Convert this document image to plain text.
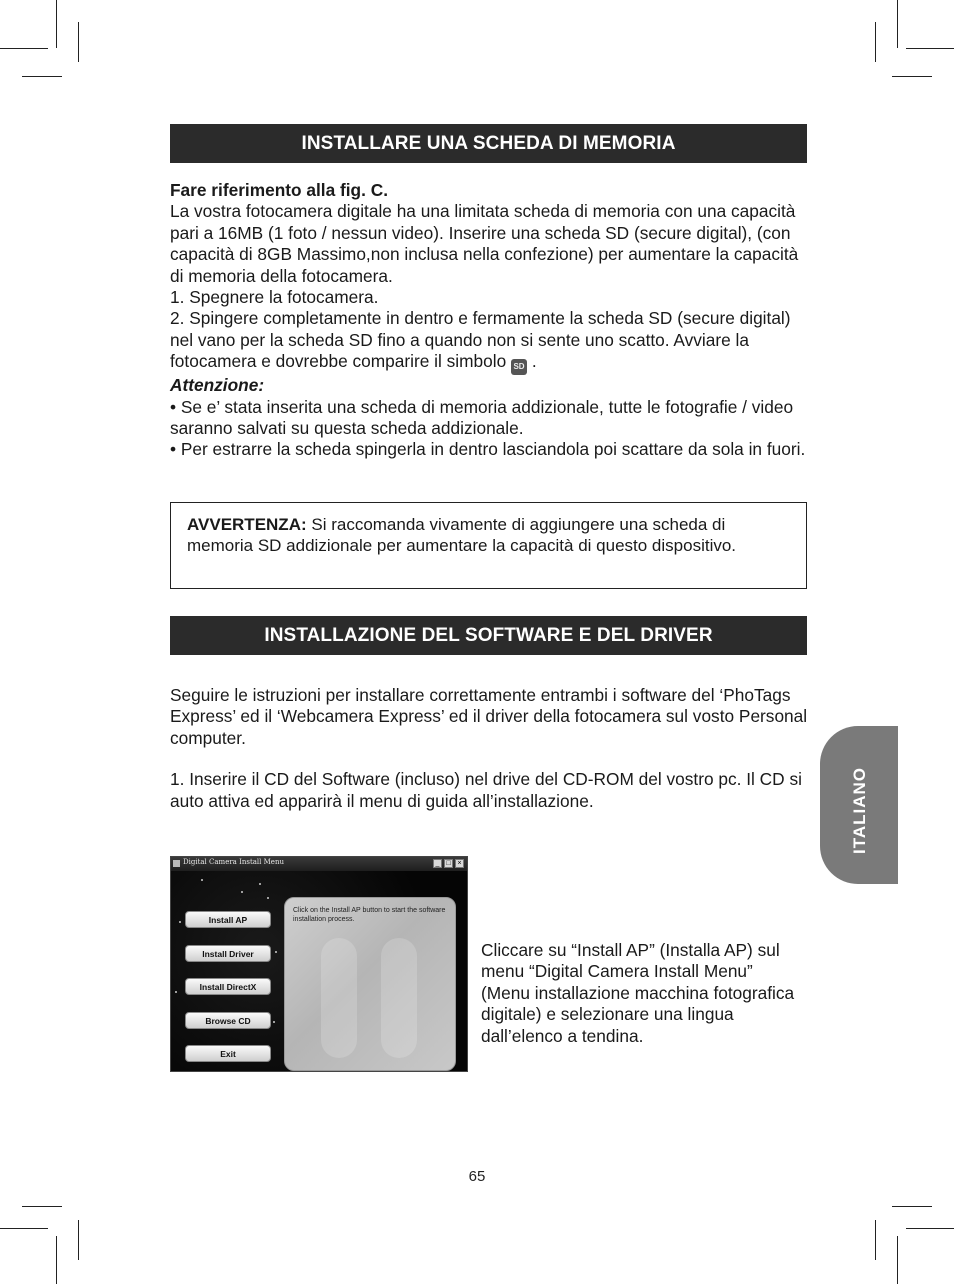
INSTALLARE UNA SCHEDA DI MEMORIA

Fare riferimento alla fig. C.

La vostra fotocamera digitale ha una limitata scheda di memoria con una capacità pari a 16MB (1 foto / nessun video). Inserire una scheda SD (secure digital), (con capacità di 8GB Massimo,non inclusa nella confezione) per aumentare la capacità di memoria della fotocamera.

1. Spegnere la fotocamera.

2. Spingere completamente in dentro e fermamente la scheda SD (secure digital) nel vano per la scheda SD fino a quando non si sente uno scatto. Avviare la fotocamera e dovrebbe comparire il simbolo SD .

Attenzione:

• Se e’ stata inserita una scheda di memoria addizionale, tutte le fotografie / video saranno salvati su questa scheda addizionale.

• Per estrarre la scheda spingerla in dentro lasciandola poi scattare da sola in fuori.

AVVERTENZA: Si raccomanda vivamente di aggiungere una scheda di memoria SD addizionale per aumentare la capacità di questo dispositivo.
INSTALLAZIONE DEL SOFTWARE E DEL DRIVER

Seguire le istruzioni per installare correttamente entrambi i software del ‘PhoTags Express’ ed il ‘Webcamera Express’ ed il driver della fotocamera sul vosto Personal computer.

1. Inserire il CD del Software (incluso) nel drive del CD-ROM del vostro pc. Il CD si auto attiva ed apparirà il menu di guida all’installazione.

Digital Camera Install Menu	_ □ ×
Install AP
Install Driver
Install DirectX
Browse CD
Exit
Click on the Install AP button to start the software installation process.

Cliccare su “Install AP” (Installa AP) sul menu “Digital Camera Install Menu” (Menu installazione macchina fotografica digitale) e selezionare una lingua dall’elenco a tendina.

ITALIANO
65
